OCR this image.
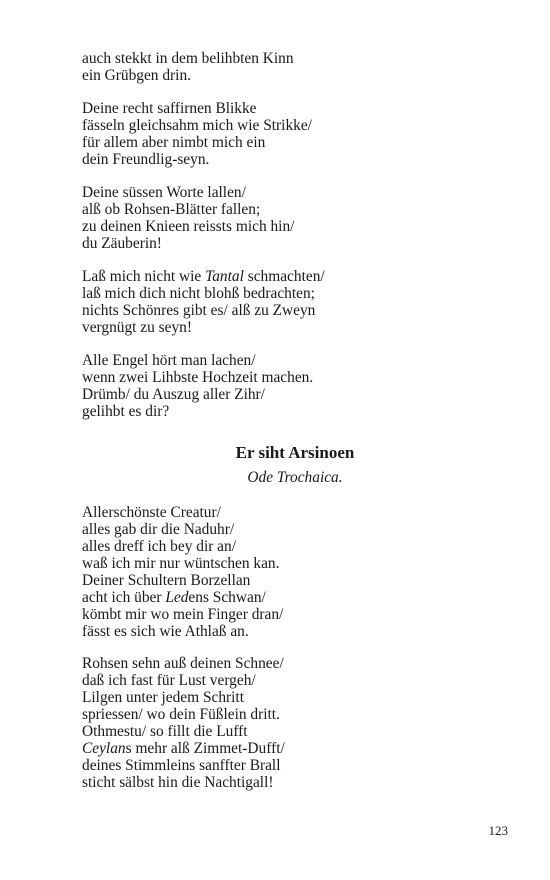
auch stekkt in dem belihbten Kinn
ein Grübgen drin.
Deine recht saffirnen Blikke
fässeln gleichsahm mich wie Strikke/
für allem aber nimbt mich ein
dein Freundlig-seyn.
Deine süssen Worte lallen/
alß ob Rohsen-Blätter fallen;
zu deinen Knieen reissts mich hin/
du Zäuberin!
Laß mich nicht wie Tantal schmachten/
laß mich dich nicht blohß bedrachten;
nichts Schönres gibt es/ alß zu Zweyn
vergnügt zu seyn!
Alle Engel hört man lachen/
wenn zwei Lihbste Hochzeit machen.
Drümb/ du Auszug aller Zihr/
gelihbt es dir?
Er siht Arsinoen
Ode Trochaica.
Allerschönste Creatur/
alles gab dir die Naduhr/
alles dreff ich bey dir an/
waß ich mir nur wüntschen kan.
Deiner Schultern Borzellan
acht ich über Ledens Schwan/
kömbt mir wo mein Finger dran/
fässt es sich wie Athlaß an.
Rohsen sehn auß deinen Schnee/
daß ich fast für Lust vergeh/
Lilgen unter jedem Schritt
spriessen/ wo dein Füßlein dritt.
Othmestu/ so fillt die Lufft
Ceylans mehr alß Zimmet-Dufft/
deines Stimmleins sanffter Brall
sticht sälbst hin die Nachtigall!
123
